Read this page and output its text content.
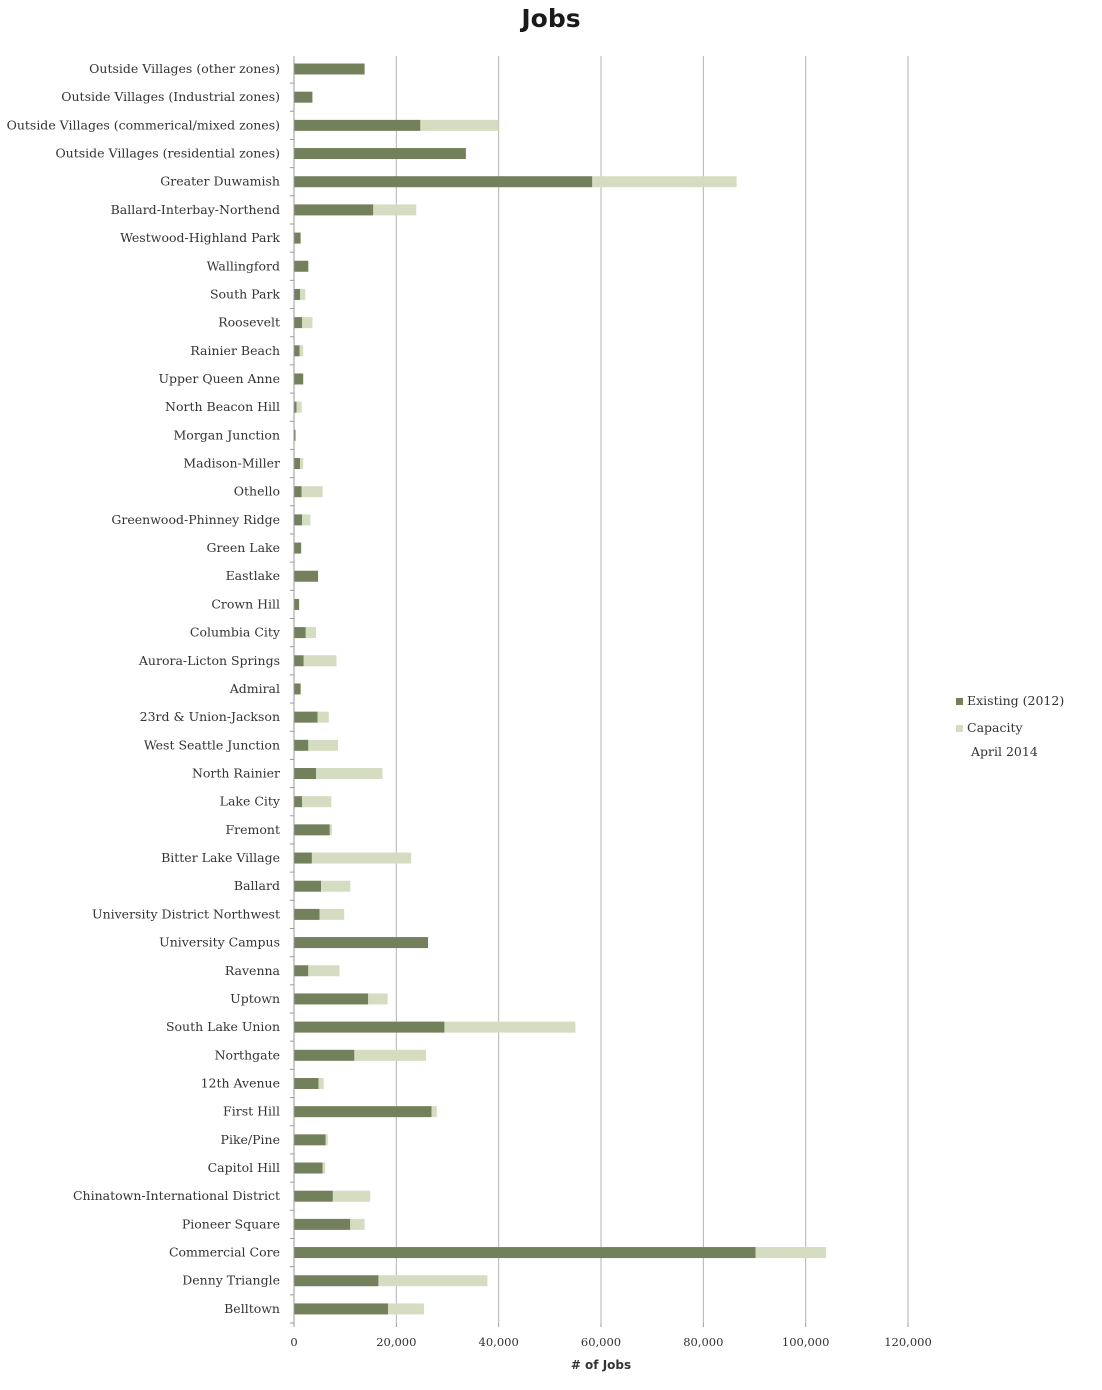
Jobs
Outside Villages (other zones)
Outside Villages (Industrial zones)
Outside Villages (commerical/mixed zones)
Outside Villages (residential zones)
Greater Duwamish
Ballard-Interbay-Northend
Westwood-Highland Park
Wallingford
South Park
Roosevelt
Rainier Beach
Upper Queen Anne
North Beacon Hill
Morgan Junction
Madison-Miller
Othello
Greenwood-Phinney Ridge
Green Lake
Eastlake
Crown Hill
Columbia City
Aurora-Licton Springs
Admiral
23rd & Union-Jackson
West Seattle Junction
North Rainier
Lake City
Fremont
Bitter Lake Village
Ballard
University District Northwest
University Campus
Ravenna
Uptown
South Lake Union
Northgate
12th Avenue
First Hill
Pike/Pine
Capitol Hill
Chinatown-International District
Pioneer Square
Commercial Core
Denny Triangle
Belltown
0	20,000	40,000	60,000	80,000	100,000	120,000
# of Jobs
Existing (2012)
Capacity
April 2014
